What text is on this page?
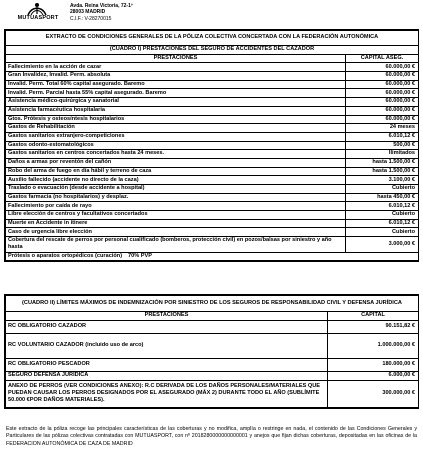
MUTUASPORT
Avda. Reina Victoria, 72-1º
28003 MADRID
C.I.F.: V-28270015
EXTRACTO DE CONDICIONES GENERALES DE LA PÓLIZA COLECTIVA CONCERTADA CON LA FEDERACIÓN AUTONÓMICA	
(CUADRO I) PRESTACIONES DEL SEGURO DE ACCIDENTES DEL CAZADOR	
PRESTACIONES	CAPITAL ASEG.
Fallecimiento en la acción de cazar	60.000,00 €
Gran Invalidez, Invalid. Perm. absoluta	60.000,00 €
Invalid. Perm. Total 60% capital asegurado. Baremo	60.000,00 €
Invalid. Perm. Parcial hasta 55% capital asegurado. Baremo	60.000,00 €
Asistencia médico-quirúrgica y sanatorial	60.000,00 €
Asistencia farmacéutica hospitalaria	60.000,00 €
Gtos. Prótesis y osteosíntesis hospitalarios	60.000,00 €
Gastos de Rehabilitación	24 meses
Gastos sanitarios extranjero-competiciones	6.010,12 €
Gastos odonto-estomatológicos	500,00 €
Gastos sanitarios en centros concertados hasta 24 meses.	Ilimitados
Daños a armas por reventón del cañón	hasta 1.500,00 €
Robo del arma de fuego en día hábil y terreno de caza	hasta 1.500,00 €
Auxilio fallecido (accidente no directo de la caza)	3.100,00 €
Traslado o evacuación (desde accidente a hospital)	Cubierto
Gastos farmacia (no hospitalarios) y desplaz.	hasta 450,00 €
Fallecimiento por caída de rayo	6.010,12 €
Libre elección de centros y facultativos concertados	Cubierto
Muerte en Accidente in itinere	6.010,12 €
Caso de urgencia libre elección	Cubierto
Cobertura del rescate de perros por personal cualificado (bomberos, protección civil) en pozos/balsas por siniestro y año hasta	3.000,00 €
Prótesis o aparatos ortopédicos (curación) 70% PVP	
(CUADRO II) LÍMITES MÁXIMOS DE INDEMNIZACIÓN POR SINIESTRO DE LOS SEGUROS DE RESPONSABILIDAD CIVIL Y DEFENSA JURÍDICA	
PRESTACIONES	CAPITAL
RC OBLIGATORIO CAZADOR	90.151,82 €
RC VOLUNTARIO CAZADOR (incluido uso de arco)	1.000.000,00 €
RC OBLIGATORIO PESCADOR	180.000,00 €
SEGURO DEFENSA JURÍDICA	6.000,00 €
ANEXO DE PERROS (VER CONDICIONES ANEXO): R.C DERIVADA DE LOS DAÑOS PERSONALES/MATERIALES QUE PUEDAN CAUSAR LOS PERROS DESIGNADOS POR EL ASEGURADO (MÁX 2) DURANTE TODO EL AÑO (SUBLÍMITE 50.000 €POR DAÑOS MATERIALES).	300.000,00 €
Este extracto de la póliza recoge las principales características de las coberturas y no modifica, amplía o restringe en nada, el contenido de las Condiciones Generales y Particulares de las pólizas colectivas contratadas con MUTUASPORT, con nº 2018280000000000001 y anejos que fijan dichas coberturas, depositadas en las oficinas de la FEDERACION AUTONÓMICA DE CAZA DE MADRID
